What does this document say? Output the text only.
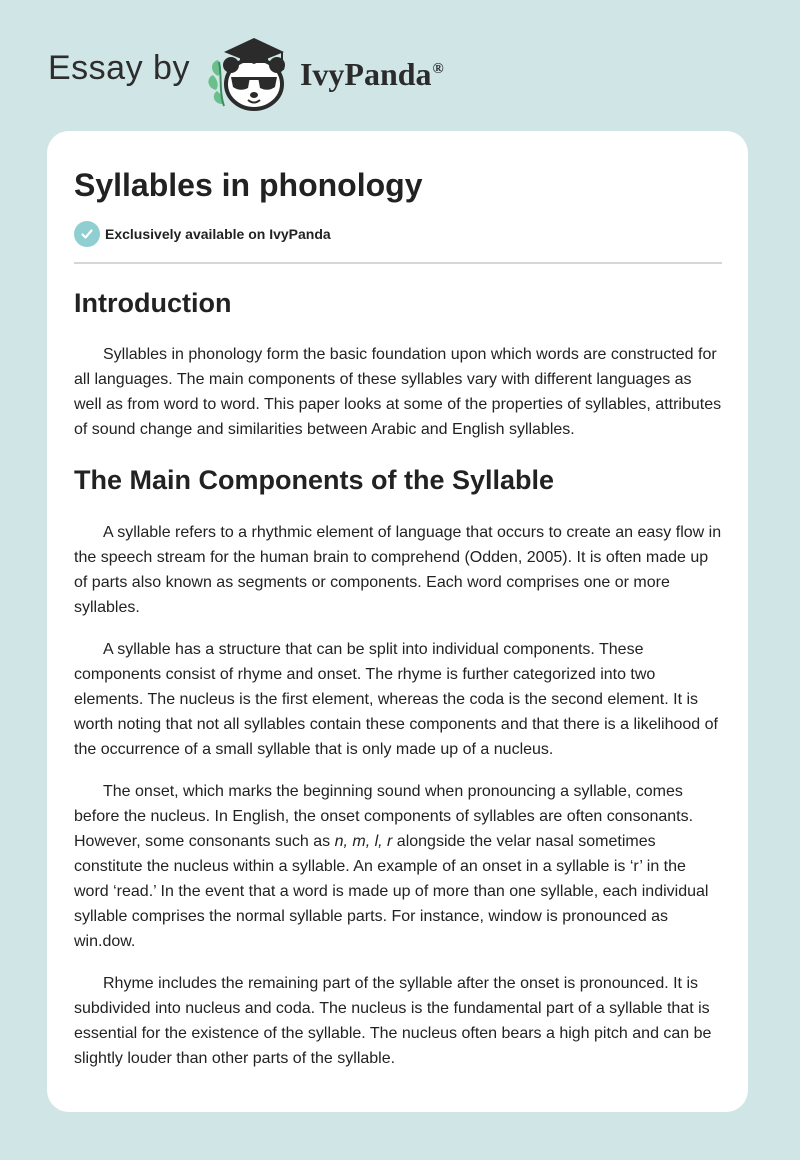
Essay by	IvyPanda®
Syllables in phonology
Exclusively available on IvyPanda
Introduction

Syllables in phonology form the basic foundation upon which words are constructed for all languages. The main components of these syllables vary with different languages as well as from word to word. This paper looks at some of the properties of syllables, attributes of sound change and similarities between Arabic and English syllables.

The Main Components of the Syllable

A syllable refers to a rhythmic element of language that occurs to create an easy flow in the speech stream for the human brain to comprehend (Odden, 2005). It is often made up of parts also known as segments or components. Each word comprises one or more syllables.

A syllable has a structure that can be split into individual components. These components consist of rhyme and onset. The rhyme is further categorized into two elements. The nucleus is the first element, whereas the coda is the second element. It is worth noting that not all syllables contain these components and that there is a likelihood of the occurrence of a small syllable that is only made up of a nucleus.

The onset, which marks the beginning sound when pronouncing a syllable, comes before the nucleus. In English, the onset components of syllables are often consonants. However, some consonants such as n, m, l, r alongside the velar nasal sometimes constitute the nucleus within a syllable. An example of an onset in a syllable is ‘r’ in the word ‘read.’ In the event that a word is made up of more than one syllable, each individual syllable comprises the normal syllable parts. For instance, window is pronounced as win.dow.

Rhyme includes the remaining part of the syllable after the onset is pronounced. It is subdivided into nucleus and coda. The nucleus is the fundamental part of a syllable that is essential for the existence of the syllable. The nucleus often bears a high pitch and can be slightly louder than other parts of the syllable.
